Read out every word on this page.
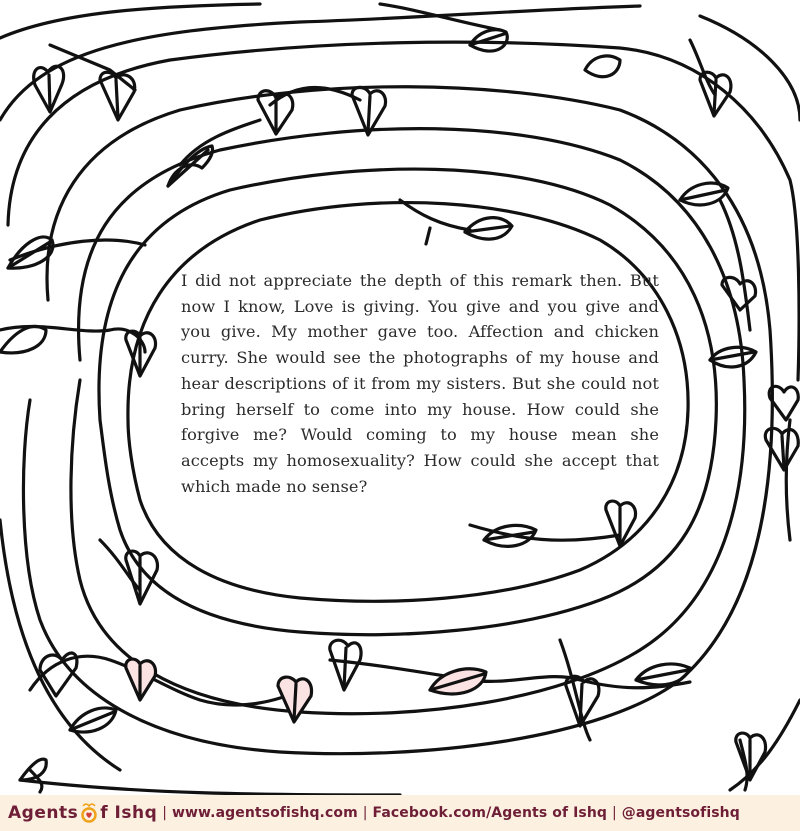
I did not appreciate the depth of this remark then. But now I know, Love is giving. You give and you give and you give. My mother gave too. Affection and chicken curry. She would see the photographs of my house and hear descriptions of it from my sisters. But she could not bring herself to come into my house. How could she forgive me? Would coming to my house mean she accepts my homosexuality? How could she accept that which made no sense?

Agents f Ishq | www.agentsofishq.com | Facebook.com/Agents of Ishq | @agentsofishq
